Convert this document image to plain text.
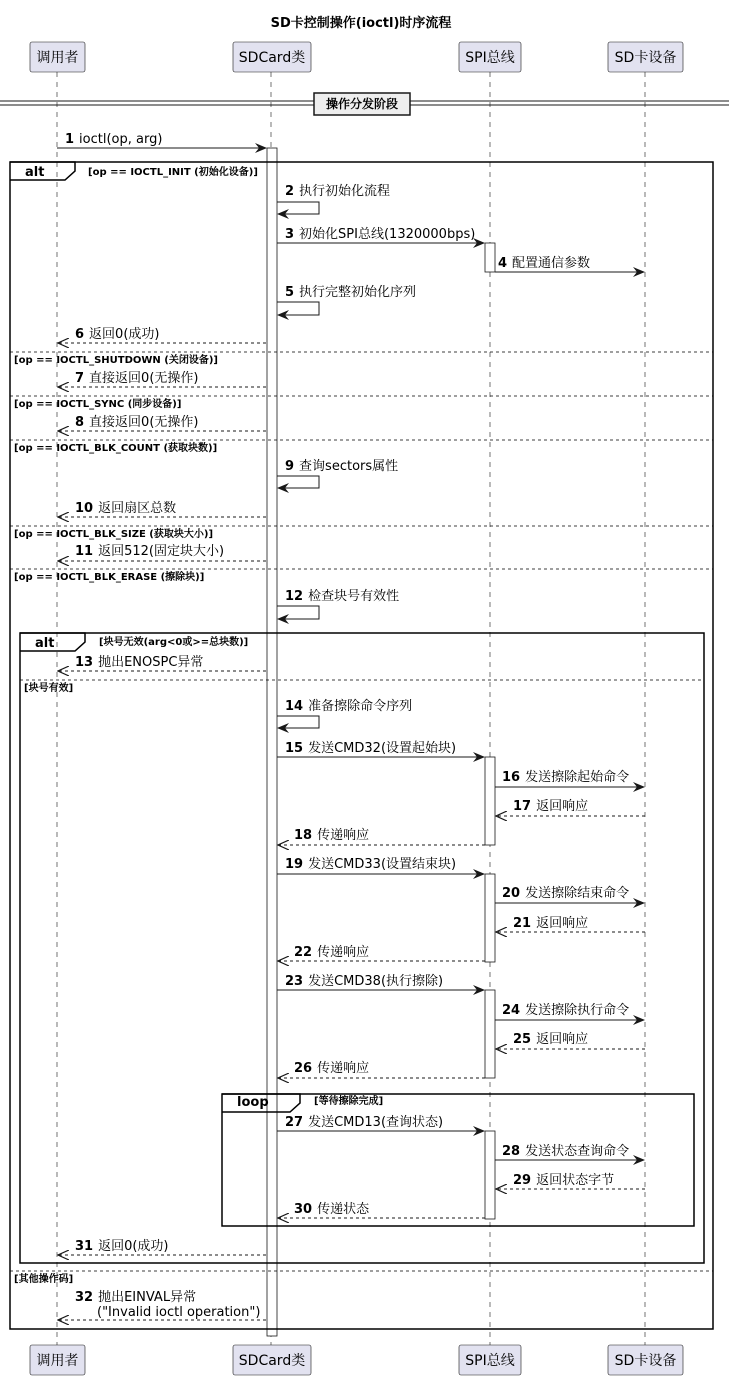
SD卡控制操作(ioctl)时序流程
调用者	SDCard类	SPI总线	SD卡设备
调用者	SDCard类	SPI总线	SD卡设备
操作分发阶段
alt	[op == IOCTL_INIT (初始化设备)]
[op == IOCTL_SHUTDOWN (关闭设备)]
[op == IOCTL_SYNC (同步设备)]
[op == IOCTL_BLK_COUNT (获取块数)]
[op == IOCTL_BLK_SIZE (获取块大小)]
[op == IOCTL_BLK_ERASE (擦除块)]
[其他操作码]
alt	[块号无效(arg<0或>=总块数)]
[块号有效]
loop	[等待擦除完成]
1 ioctl(op, arg)
2 执行初始化流程
3 初始化SPI总线(1320000bps)
4 配置通信参数
5 执行完整初始化序列
6 返回0(成功)
7 直接返回0(无操作)
8 直接返回0(无操作)
9 查询sectors属性
10 返回扇区总数
11 返回512(固定块大小)
12 检查块号有效性
13 抛出ENOSPC异常
14 准备擦除命令序列
15 发送CMD32(设置起始块)
16 发送擦除起始命令
17 返回响应
18 传递响应
19 发送CMD33(设置结束块)
20 发送擦除结束命令
21 返回响应
22 传递响应
23 发送CMD38(执行擦除)
24 发送擦除执行命令
25 返回响应
26 传递响应
27 发送CMD13(查询状态)
28 发送状态查询命令
29 返回状态字节
30 传递状态
31 返回0(成功)
32 抛出EINVAL异常
("Invalid ioctl operation")
